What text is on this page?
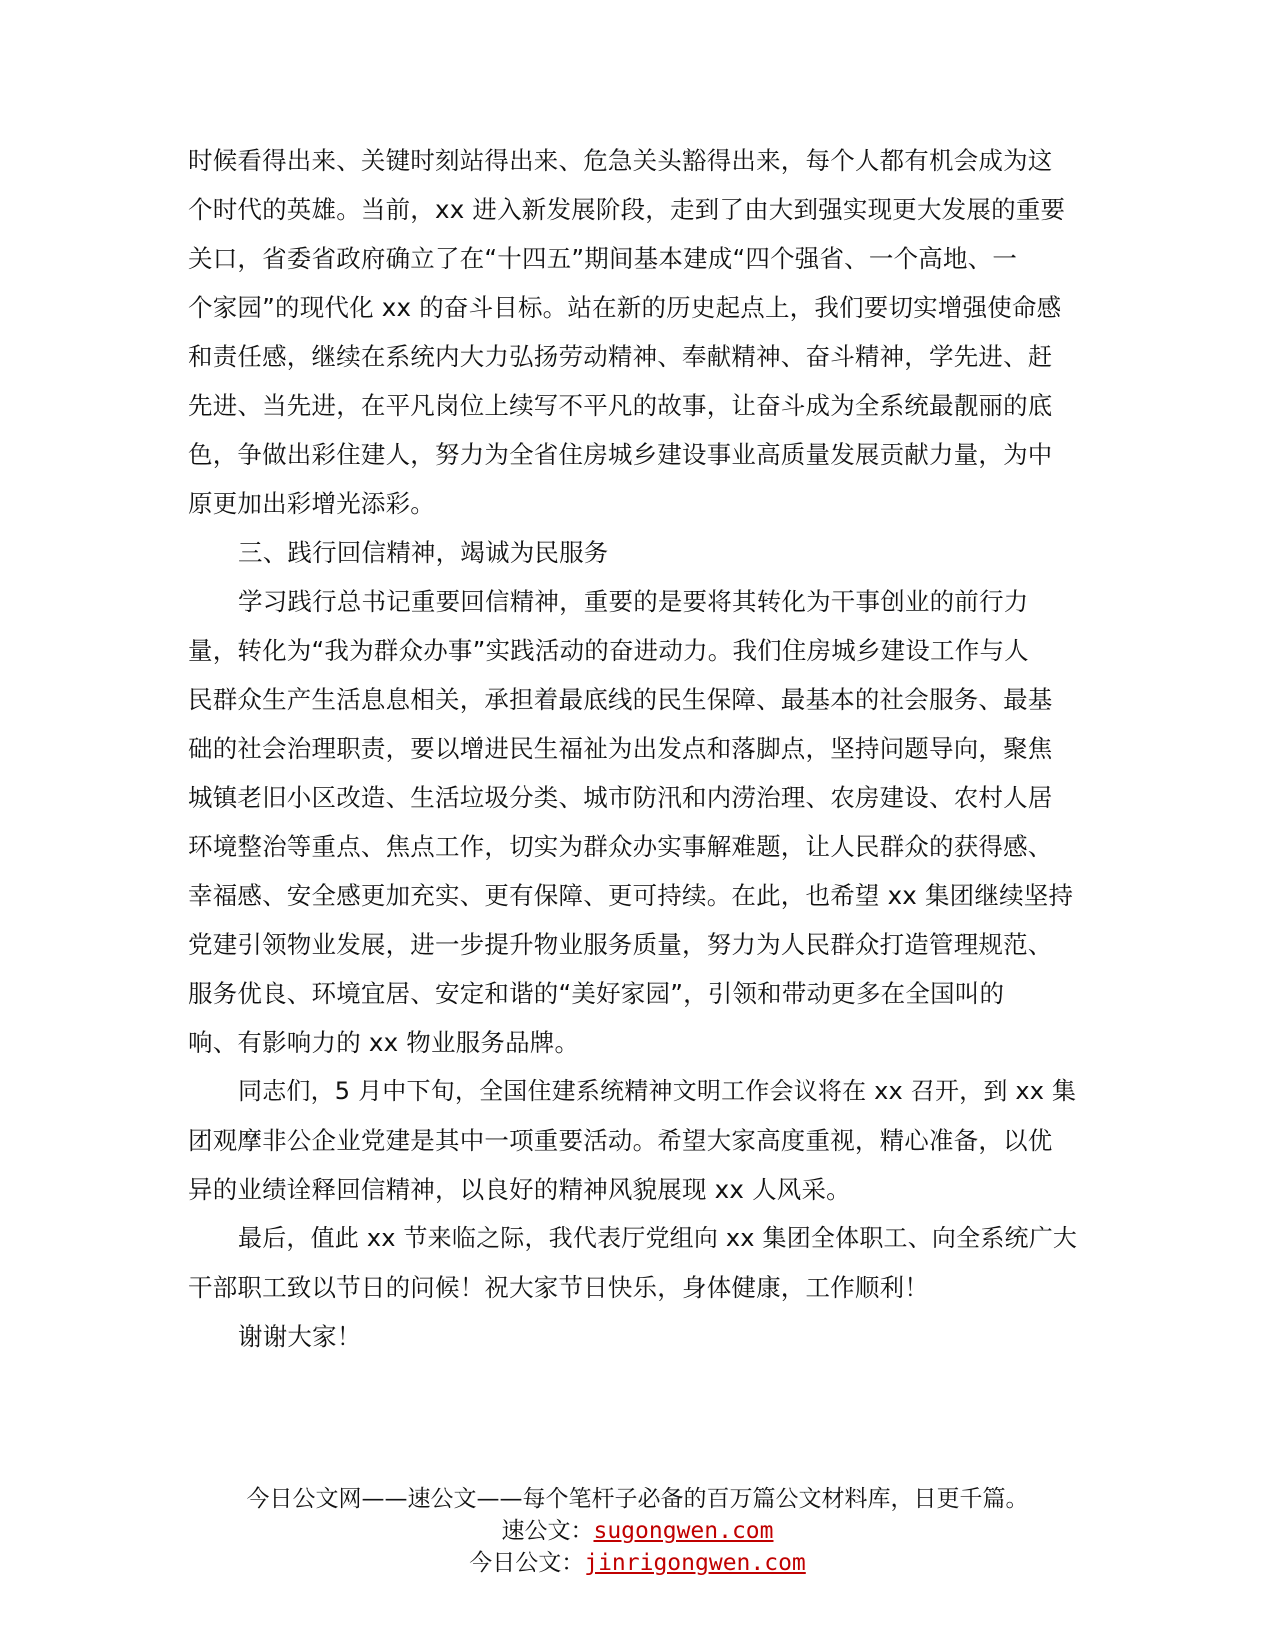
时候看得出来、关键时刻站得出来、危急关头豁得出来，每个人都有机会成为这
个时代的英雄。当前，xx 进入新发展阶段，走到了由大到强实现更大发展的重要
关口，省委省政府确立了在“十四五”期间基本建成“四个强省、一个高地、一
个家园”的现代化 xx 的奋斗目标。站在新的历史起点上，我们要切实增强使命感
和责任感，继续在系统内大力弘扬劳动精神、奉献精神、奋斗精神，学先进、赶
先进、当先进，在平凡岗位上续写不平凡的故事，让奋斗成为全系统最靓丽的底
色，争做出彩住建人，努力为全省住房城乡建设事业高质量发展贡献力量，为中
原更加出彩增光添彩。
三、践行回信精神，竭诚为民服务
学习践行总书记重要回信精神，重要的是要将其转化为干事创业的前行力
量，转化为“我为群众办事”实践活动的奋进动力。我们住房城乡建设工作与人
民群众生产生活息息相关，承担着最底线的民生保障、最基本的社会服务、最基
础的社会治理职责，要以增进民生福祉为出发点和落脚点，坚持问题导向，聚焦
城镇老旧小区改造、生活垃圾分类、城市防汛和内涝治理、农房建设、农村人居
环境整治等重点、焦点工作，切实为群众办实事解难题，让人民群众的获得感、
幸福感、安全感更加充实、更有保障、更可持续。在此，也希望 xx 集团继续坚持
党建引领物业发展，进一步提升物业服务质量，努力为人民群众打造管理规范、
服务优良、环境宜居、安定和谐的“美好家园”，引领和带动更多在全国叫的
响、有影响力的 xx 物业服务品牌。
同志们，5 月中下旬，全国住建系统精神文明工作会议将在 xx 召开，到 xx 集
团观摩非公企业党建是其中一项重要活动。希望大家高度重视，精心准备，以优
异的业绩诠释回信精神，以良好的精神风貌展现 xx 人风采。
最后，值此 xx 节来临之际，我代表厅党组向 xx 集团全体职工、向全系统广大
干部职工致以节日的问候！祝大家节日快乐，身体健康，工作顺利！
谢谢大家！
今日公文网——速公文——每个笔杆子必备的百万篇公文材料库，日更千篇。
速公文：sugongwen.com
今日公文：jinrigongwen.com
